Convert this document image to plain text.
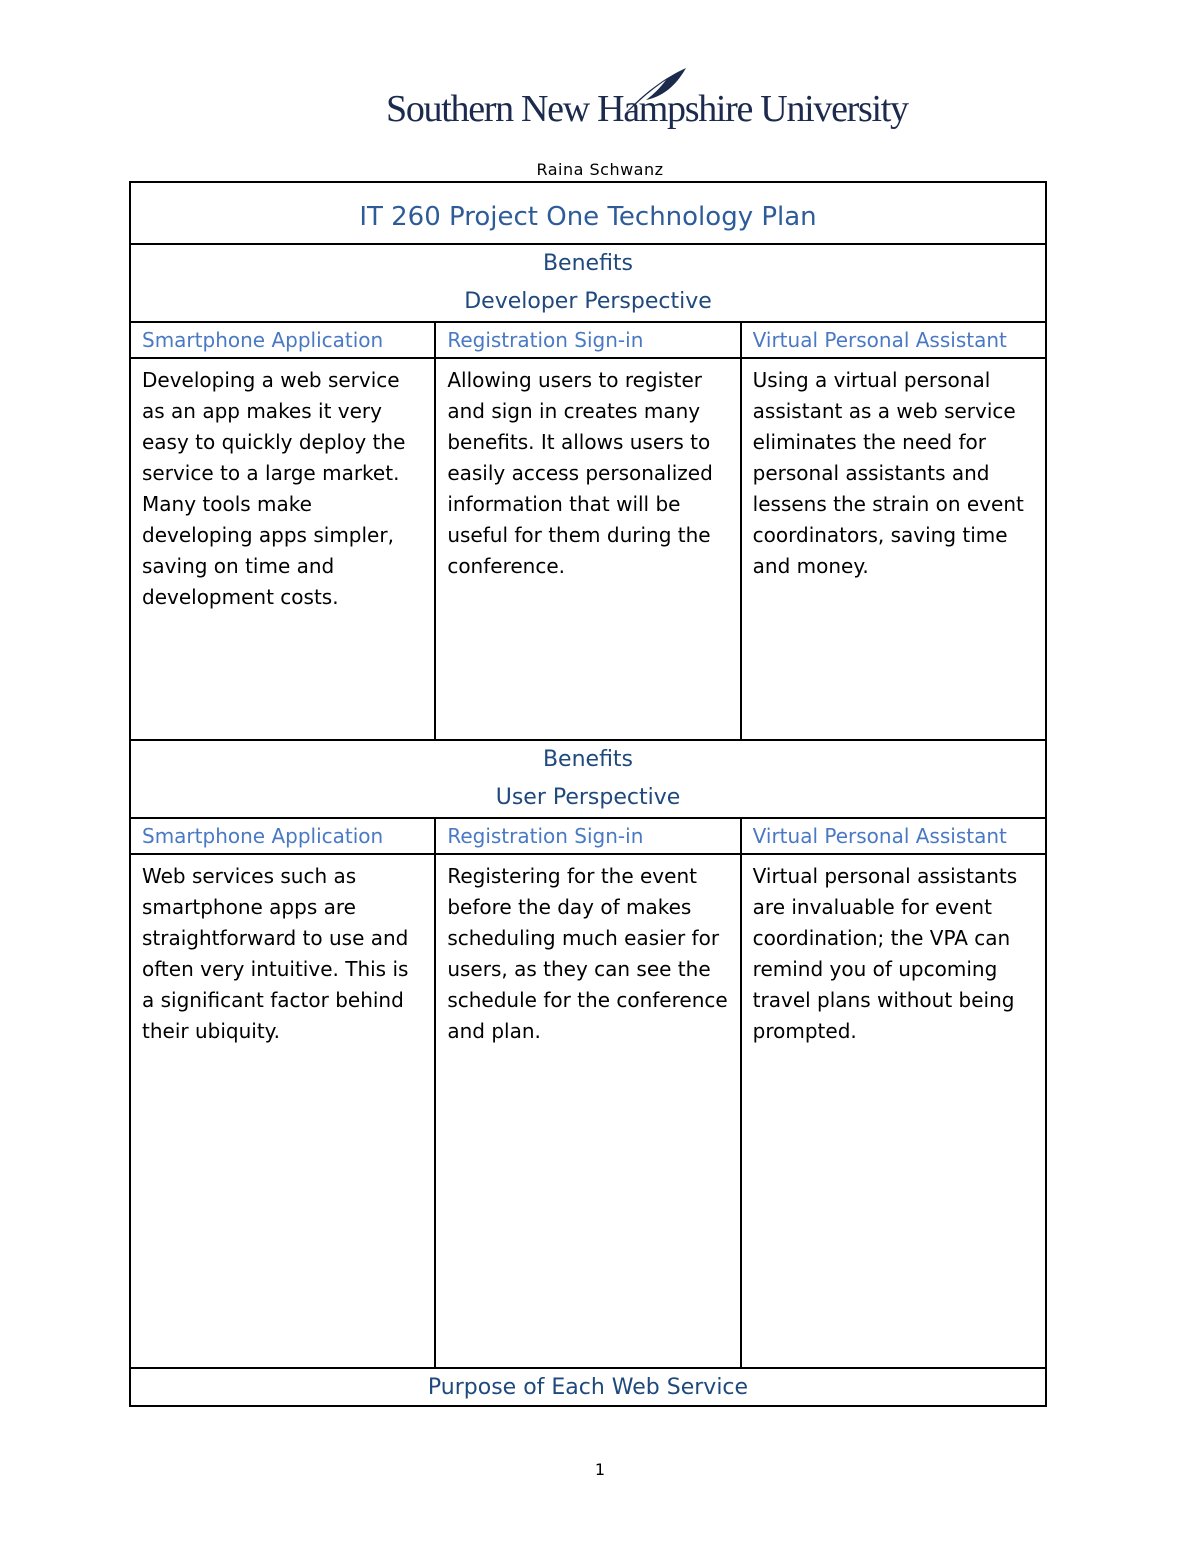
Southern New Hampshire University
Raina Schwanz
IT 260 Project One Technology Plan		

Benefits
Developer Perspective		

Smartphone Application	Registration Sign-in	Virtual Personal Assistant
Developing a web service as an app makes it very easy to quickly deploy the service to a large market. Many tools make developing apps simpler, saving on time and development costs.	Allowing users to register and sign in creates many benefits. It allows users to easily access personalized information that will be useful for them during the conference.	Using a virtual personal assistant as a web service eliminates the need for personal assistants and lessens the strain on event coordinators, saving time and money.

Benefits
User Perspective		

Smartphone Application	Registration Sign-in	Virtual Personal Assistant
Web services such as smartphone apps are straightforward to use and often very intuitive. This is a significant factor behind their ubiquity.	Registering for the event before the day of makes scheduling much easier for users, as they can see the schedule for the conference and plan.	Virtual personal assistants are invaluable for event coordination; the VPA can remind you of upcoming travel plans without being prompted.
Purpose of Each Web Service		
1
